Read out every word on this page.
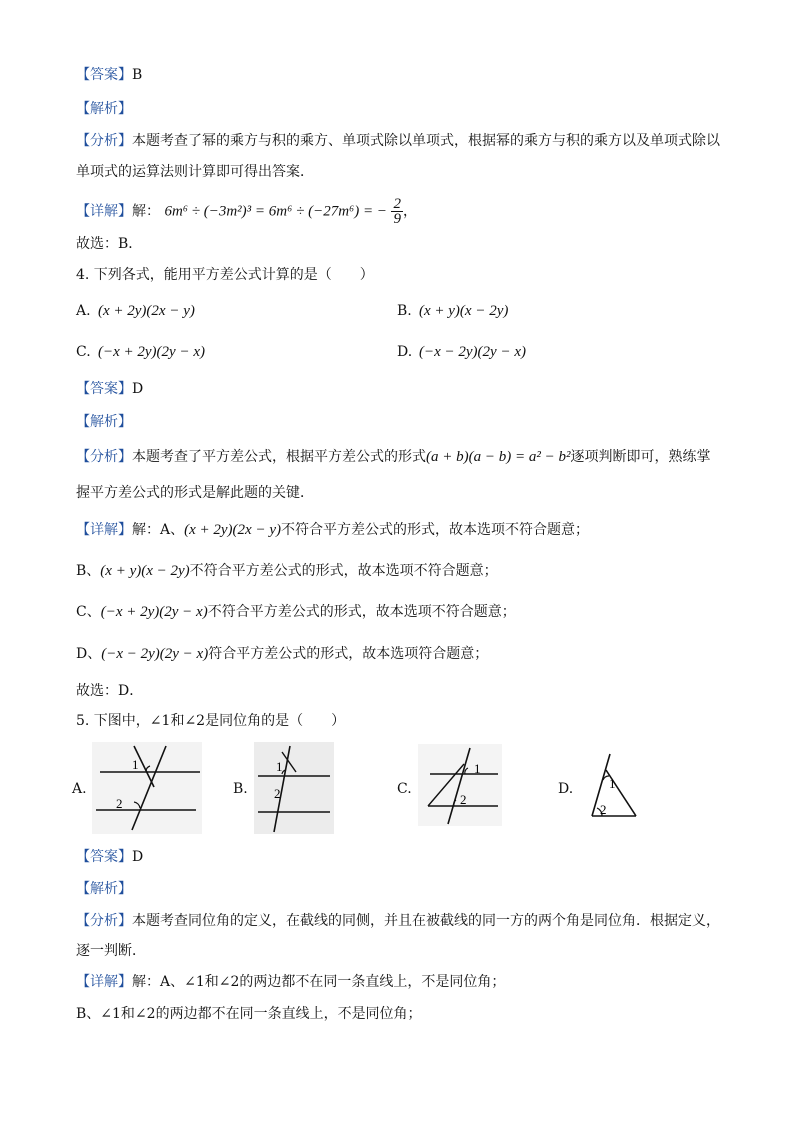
【答案】B
【解析】
【分析】本题考查了幂的乘方与积的乘方、单项式除以单项式，根据幂的乘方与积的乘方以及单项式除以
单项式的运算法则计算即可得出答案．
【详解】解： 6m⁶ ÷ (−3m²)³ = 6m⁶ ÷ (−27m⁶) = − $\frac{2}{9}$ ，
故选：B．
4. 下列各式，能用平方差公式计算的是（　　）
A. (x + 2y)(2x − y)	B. (x + y)(x − 2y)
C. (−x + 2y)(2y − x)	D. (−x − 2y)(2y − x)
【答案】D
【解析】
【分析】本题考查了平方差公式，根据平方差公式的形式(a + b)(a − b) = a² − b²逐项判断即可，熟练掌
握平方差公式的形式是解此题的关键．
【详解】解：A、(x + 2y)(2x − y)不符合平方差公式的形式，故本选项不符合题意；
B、(x + y)(x − 2y)不符合平方差公式的形式，故本选项不符合题意；
C、(−x + 2y)(2y − x)不符合平方差公式的形式，故本选项不符合题意；
D、(−x − 2y)(2y − x)符合平方差公式的形式，故本选项符合题意；
故选：D．
5. 下图中，∠1和∠2是同位角的是（　　）
A.	B.	C.	D.
1
2
1
2
1
2
1
2
【答案】D
【解析】
【分析】本题考查同位角的定义，在截线的同侧，并且在被截线的同一方的两个角是同位角．根据定义，
逐一判断．
【详解】解：A、∠1和∠2的两边都不在同一条直线上，不是同位角；
B、∠1和∠2的两边都不在同一条直线上，不是同位角；
